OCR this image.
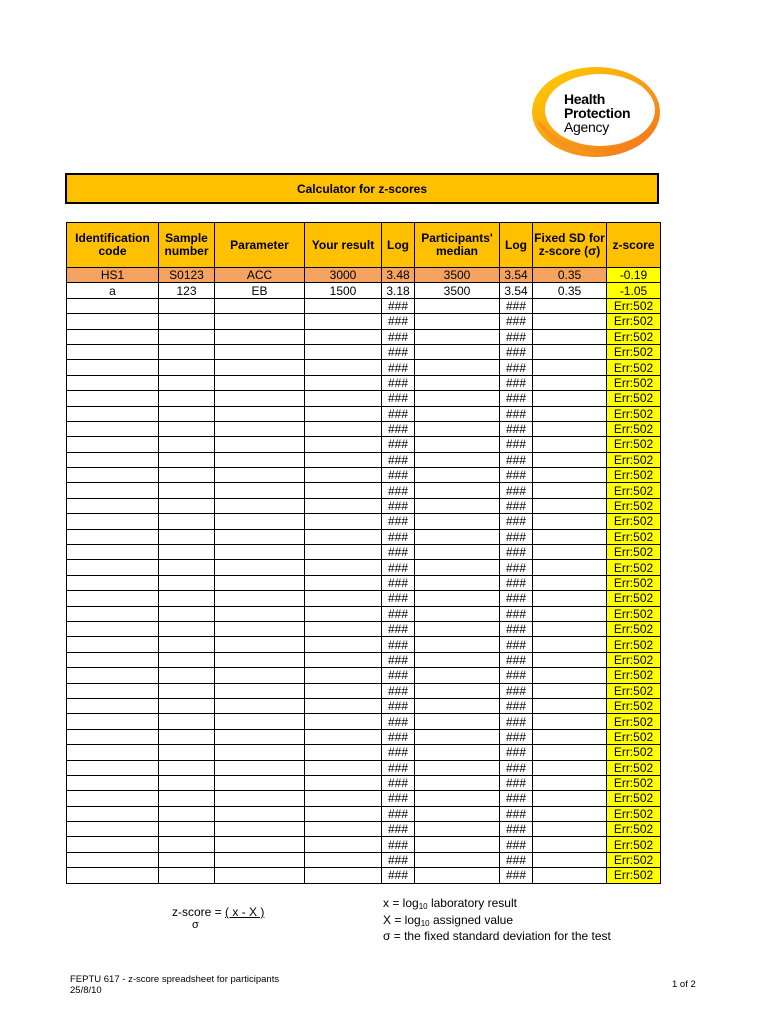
Health
Protection
Agency
Calculator for z-scores
Identification code	Sample number	Parameter	Your result	Log	Participants' median	Log	Fixed SD for z-score (σ)	z-score
HS1	S0123	ACC	3000	3.48	3500	3.54	0.35	-0.19
a	123	EB	1500	3.18	3500	3.54	0.35	-1.05
				###		###		Err:502
				###		###		Err:502
				###		###		Err:502
				###		###		Err:502
				###		###		Err:502
				###		###		Err:502
				###		###		Err:502
				###		###		Err:502
				###		###		Err:502
				###		###		Err:502
				###		###		Err:502
				###		###		Err:502
				###		###		Err:502
				###		###		Err:502
				###		###		Err:502
				###		###		Err:502
				###		###		Err:502
				###		###		Err:502
				###		###		Err:502
				###		###		Err:502
				###		###		Err:502
				###		###		Err:502
				###		###		Err:502
				###		###		Err:502
				###		###		Err:502
				###		###		Err:502
				###		###		Err:502
				###		###		Err:502
				###		###		Err:502
				###		###		Err:502
				###		###		Err:502
				###		###		Err:502
				###		###		Err:502
				###		###		Err:502
				###		###		Err:502
				###		###		Err:502
				###		###		Err:502
				###		###		Err:502
z-score = ( x - X )
σ
$x = \log_{10}$ laboratory result
$X = \log_{10}$ assigned value
σ = the fixed standard deviation for the test
FEPTU 617 - z-score spreadsheet for participants
25/8/10
1 of 2
